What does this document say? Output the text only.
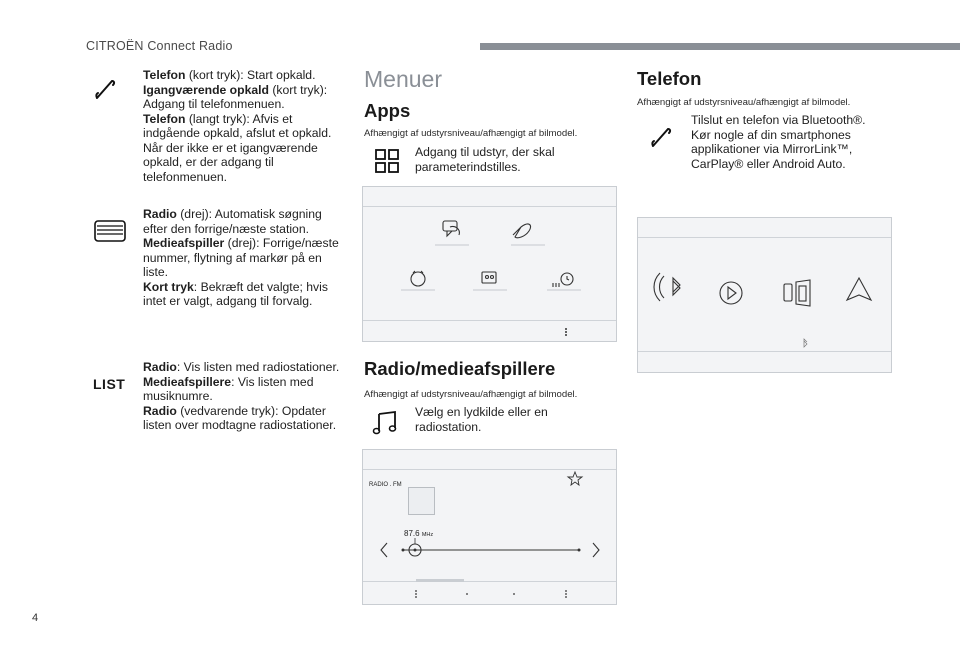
CITROËN Connect Radio

Telefon (kort tryk): Start opkald.

Igangværende opkald (kort tryk): Adgang til telefonmenuen.

Telefon (langt tryk): Afvis et indgående opkald, afslut et opkald. Når der ikke er et igangværende opkald, er der adgang til telefonmenuen.

Radio (drej): Automatisk søgning efter den forrige/næste station.

Medieafspiller (drej): Forrige/næste nummer, flytning af markør på en liste.

Kort tryk: Bekræft det valgte; hvis intet er valgt, adgang til forvalg.

LIST

Radio: Vis listen med radiostationer.

Medieafspillere: Vis listen med musiknumre.

Radio (vedvarende tryk): Opdater listen over modtagne radiostationer.

Menuer
Apps
Afhængigt af udstyrsniveau/afhængigt af bilmodel.
Adgang til udstyr, der skal parameterindstilles.
Radio/medieafspillere
Afhængigt af udstyrsniveau/afhængigt af bilmodel.
Vælg en lydkilde eller en radiostation.
RADIO . FM
87.6 MHz
Telefon
Afhængigt af udstyrsniveau/afhængigt af bilmodel.
Tilslut en telefon via Bluetooth®. Kør nogle af din smartphones applikationer via MirrorLink™, CarPlay® eller Android Auto.
4
